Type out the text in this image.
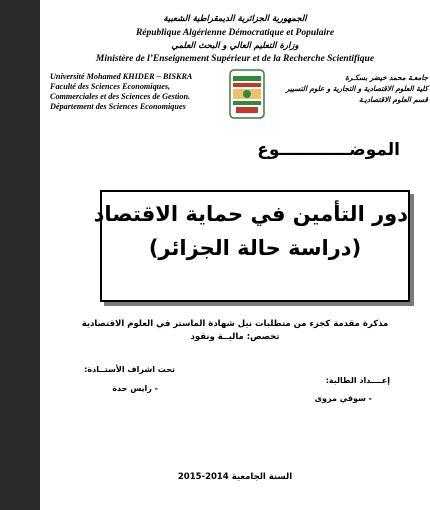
الجمهورية الجزائرية الديمقراطية الشعبية
République Algérienne Démocratique et Populaire
وزارة التعليم العالي و البحث العلمي
Ministère de l’Enseignement Supérieur et de la Recherche Scientifique
Université Mohamed KHIDER – BISKRA
Faculté des Sciences Economiques,
Commerciales et des Sciences de Gestion.
Département des Sciences Economiques
جامعـة محمد خيضر بسكـرة
كلية العلوم الاقتصادية و التجارية و علوم التسيير
قسم العلوم الاقتصاديـة
الموضــــــــــــوع
دور التأمين في حماية الاقتصاد
(دراسة حالة الجزائر)
مذكرة مقدمة كجزء من متطلبات نيل شهادة الماستر في العلوم الاقتصادية
تخصص: ماليــة ونقود
تحت اشراف الأستــاذة:
- رايس حدة
إعــــداد الطالبة:
- سوفي مروى
السنة الجامعية 2014-2015
